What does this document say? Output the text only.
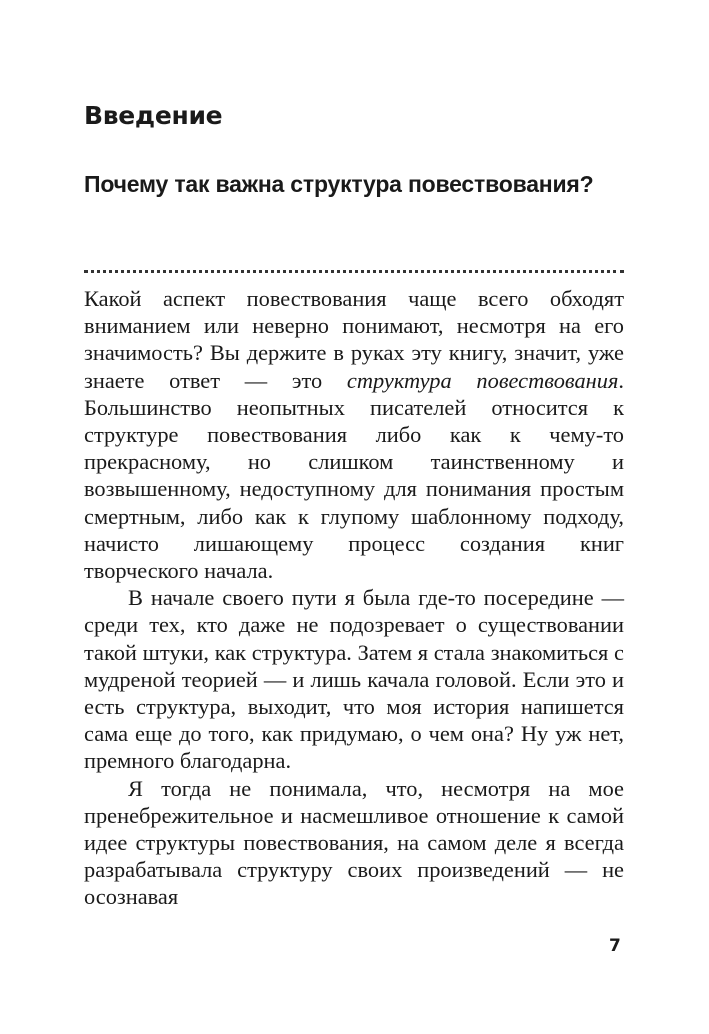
Введение
Почему так важна структура повествования?

Какой аспект повествования чаще всего обходят вниманием или неверно понимают, несмотря на его значимость? Вы держите в руках эту книгу, значит, уже знаете ответ — это структура повествования. Большинство неопытных писателей относится к структуре повествования либо как к чему-то прекрасному, но слишком таинственному и возвышенному, недоступному для понимания простым смертным, либо как к глупому шаблонному подходу, начисто лишающему процесс создания книг творческого начала.

В начале своего пути я была где-то посередине — среди тех, кто даже не подозревает о существовании такой штуки, как структура. Затем я стала знакомиться с мудреной теорией — и лишь качала головой. Если это и есть структура, выходит, что моя история напишется сама еще до того, как придумаю, о чем она? Ну уж нет, премного благодарна.

Я тогда не понимала, что, несмотря на мое пренебрежительное и насмешливое отношение к самой идее структуры повествования, на самом деле я всегда разрабатывала структуру своих произведений — не осознавая

7
